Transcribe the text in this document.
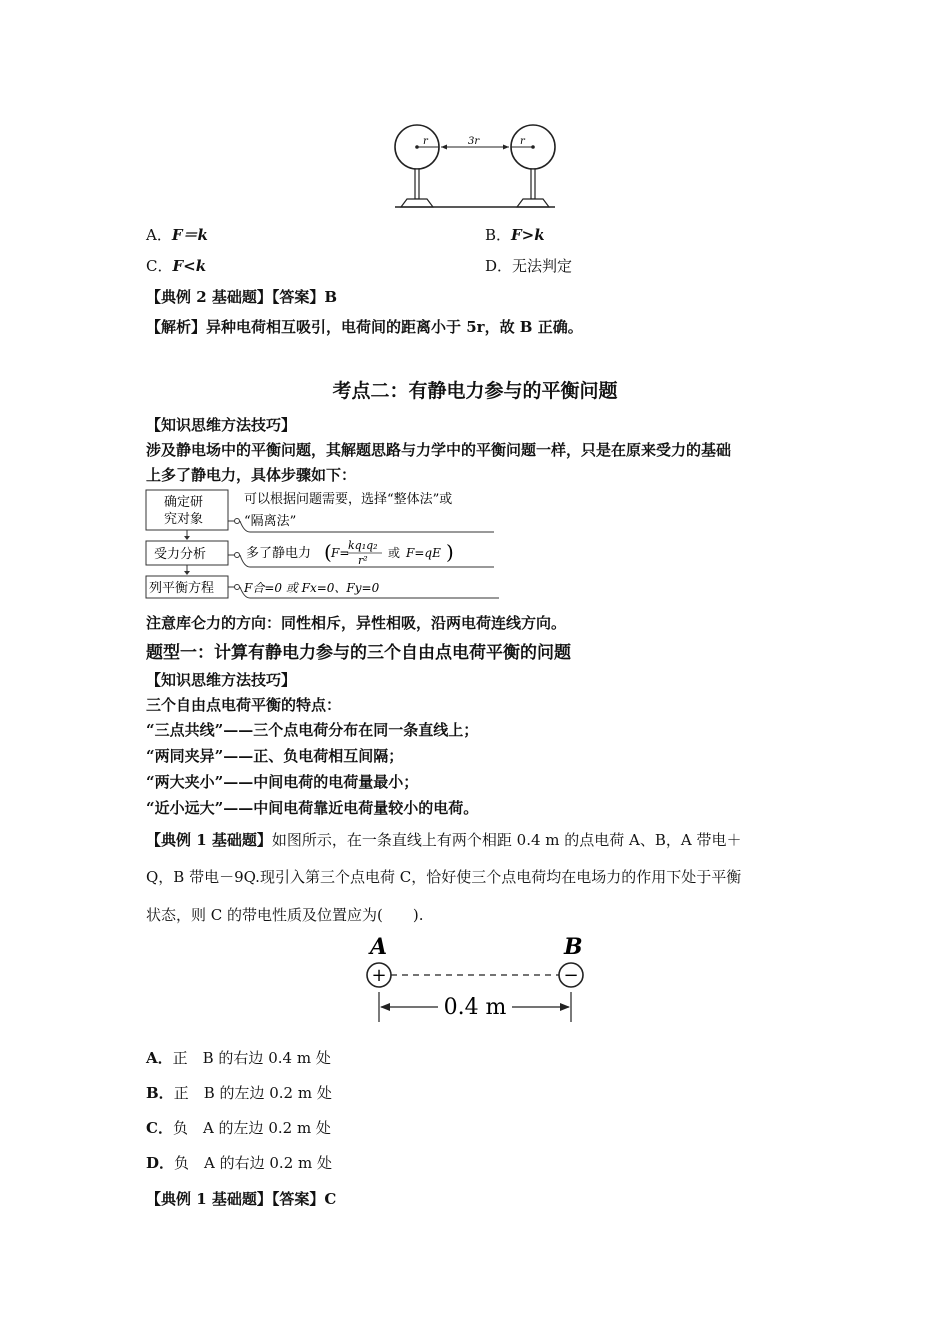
r	r
3r
A．F＝k	B．F>k
C．F<k	D．无法判定
【典例 2 基础题】【答案】B
【解析】异种电荷相互吸引，电荷间的距离小于 5r，故 B 正确。
考点二：有静电力参与的平衡问题
【知识思维方法技巧】
涉及静电场中的平衡问题，其解题思路与力学中的平衡问题一样，只是在原来受力的基础
上多了静电力，具体步骤如下：
确定研
究对象
受力分析
列平衡方程
可以根据问题需要，选择“整体法”或
“隔离法”
多了静电力 ( F=
kq₁q₂
r²
或 F=qE )
F合=0 或 Fx=0、Fy=0
注意库仑力的方向：同性相斥，异性相吸，沿两电荷连线方向。
题型一：计算有静电力参与的三个自由点电荷平衡的问题
【知识思维方法技巧】
三个自由点电荷平衡的特点：
“三点共线”——三个点电荷分布在同一条直线上；
“两同夹异”——正、负电荷相互间隔；
“两大夹小”——中间电荷的电荷量最小；
“近小远大”——中间电荷靠近电荷量较小的电荷。
【典例 1 基础题】如图所示，在一条直线上有两个相距 0.4 m 的点电荷 A、B，A 带电＋
Q，B 带电－9Q.现引入第三个点电荷 C，恰好使三个点电荷均在电场力的作用下处于平衡
状态，则 C 的带电性质及位置应为(　　).
A	B
+	−
0.4 m
A．正　B 的右边 0.4 m 处
B．正　B 的左边 0.2 m 处
C．负　A 的左边 0.2 m 处
D．负　A 的右边 0.2 m 处
【典例 1 基础题】【答案】C
